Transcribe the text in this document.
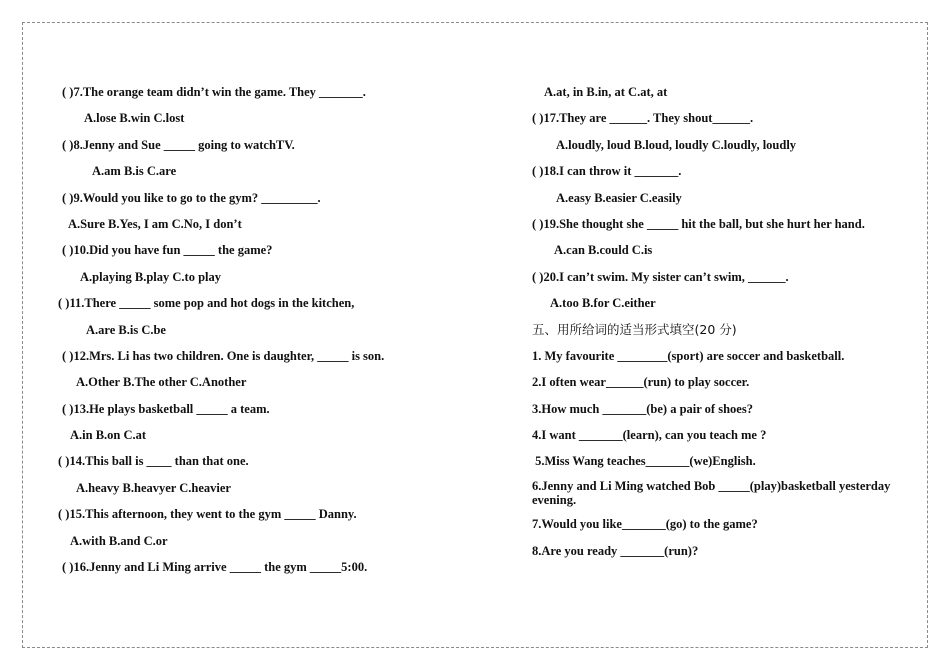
( )7.The orange team didn’t win the game. They _______.
A.lose B.win C.lost
( )8.Jenny and Sue _____ going to watchTV.
A.am B.is C.are
( )9.Would you like to go to the gym? _________.
A.Sure B.Yes, I am C.No, I don’t
( )10.Did you have fun _____ the game?
A.playing B.play C.to play
( )11.There _____ some pop and hot dogs in the kitchen,
A.are B.is C.be
( )12.Mrs. Li has two children. One is daughter, _____ is son.
A.Other B.The other C.Another
( )13.He plays basketball _____ a team.
A.in B.on C.at
( )14.This ball is ____ than that one.
A.heavy B.heavyer C.heavier
( )15.This afternoon, they went to the gym _____ Danny.
A.with B.and C.or
( )16.Jenny and Li Ming arrive _____ the gym _____5:00.
A.at, in B.in, at C.at, at
( )17.They are ______. They shout______.
A.loudly, loud B.loud, loudly C.loudly, loudly
( )18.I can throw it _______.
A.easy B.easier C.easily
( )19.She thought she _____ hit the ball, but she hurt her hand.
A.can B.could C.is
( )20.I can’t swim. My sister can’t swim, ______.
A.too B.for C.either
五、用所给词的适当形式填空(20 分)
1. My favourite ________(sport) are soccer and basketball.
2.I often wear______(run) to play soccer.
3.How much _______(be) a pair of shoes?
4.I want _______(learn), can you teach me ?
5.Miss Wang teaches_______(we)English.
6.Jenny and Li Ming watched Bob _____(play)basketball yesterday evening.
7.Would you like_______(go) to the game?
8.Are you ready _______(run)?
